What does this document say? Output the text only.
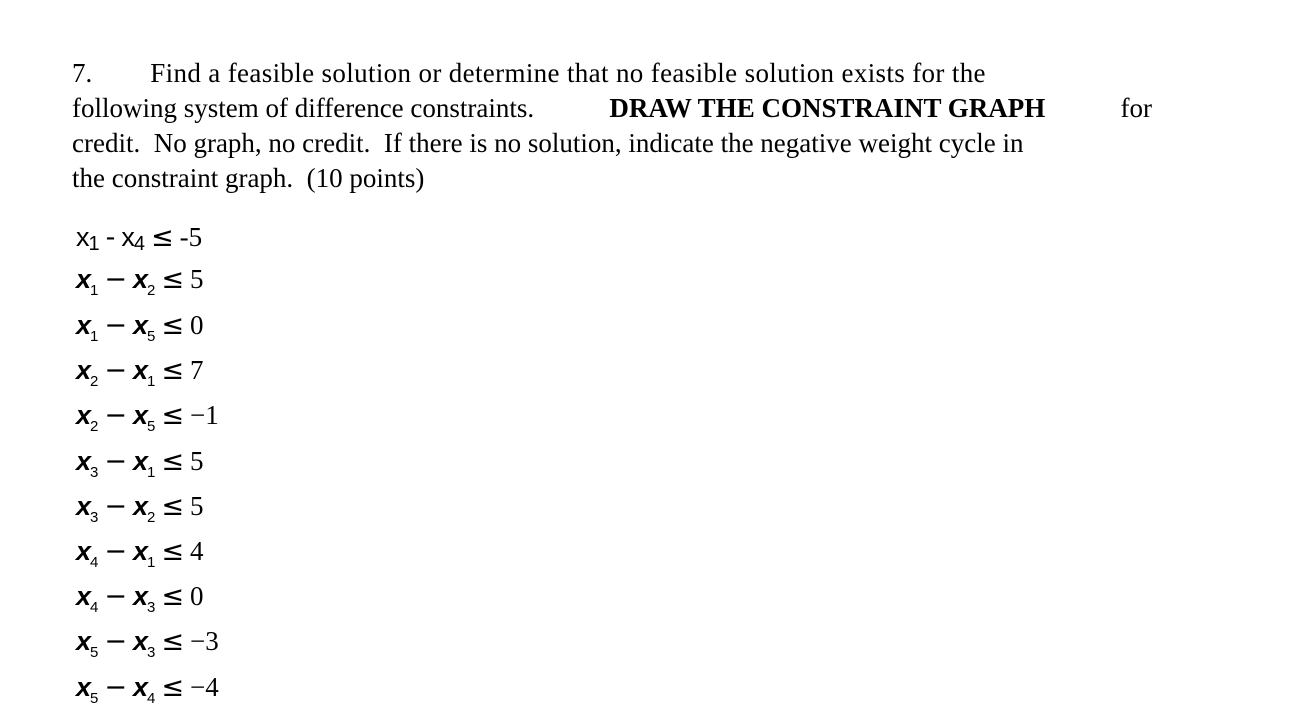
7. Find a feasible solution or determine that no feasible solution exists for the
following system of difference constraints.	DRAW THE CONSTRAINT GRAPH	for
credit.  No graph, no credit.  If there is no solution, indicate the negative weight cycle in
the constraint graph.  (10 points)
x1 - x4 ≤ -5
$x_1 - x_2 \le 5$
$x_1 - x_5 \le 0$
$x_2 - x_1 \le 7$
$x_2 - x_5 \le -1$
$x_3 - x_1 \le 5$
$x_3 - x_2 \le 5$
$x_4 - x_1 \le 4$
$x_4 - x_3 \le 0$
$x_5 - x_3 \le -3$
$x_5 - x_4 \le -4$
